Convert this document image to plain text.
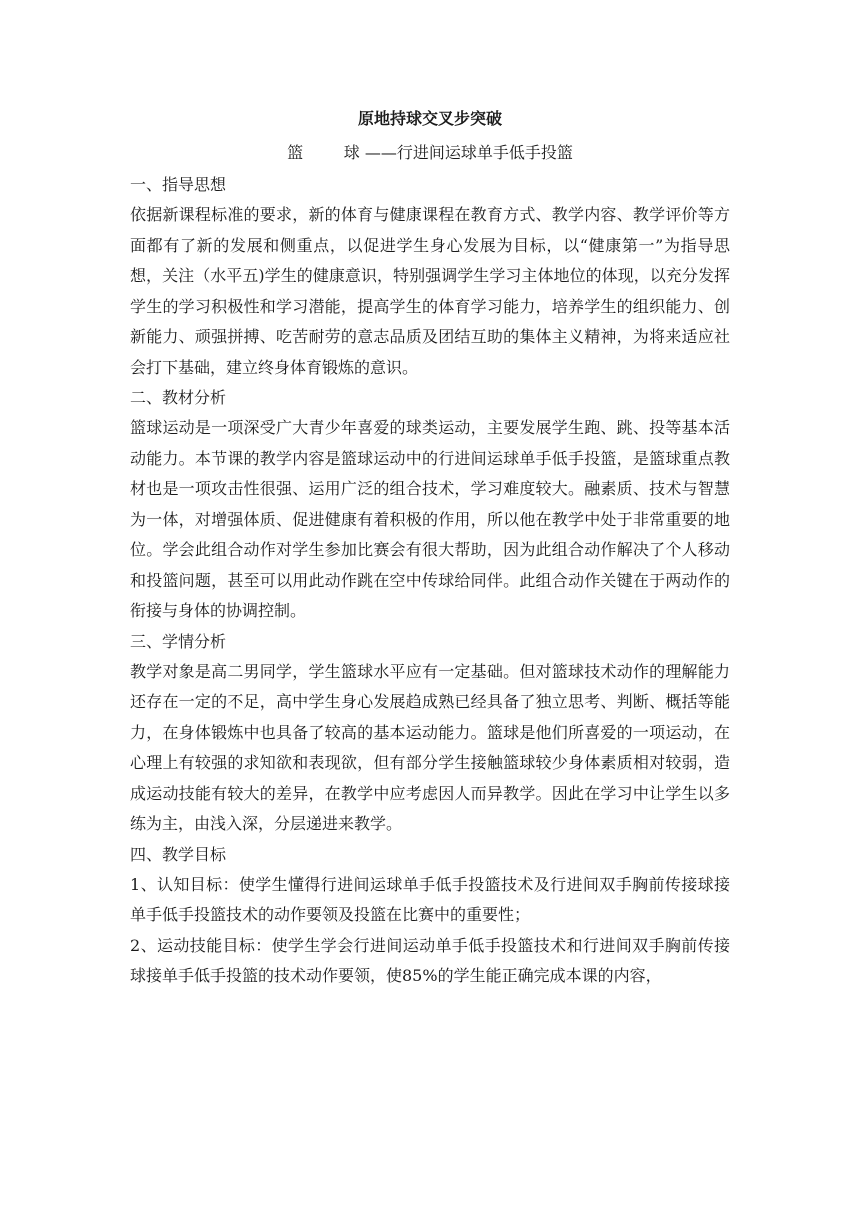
原地持球交叉步突破
篮        球 ——行进间运球单手低手投篮
一、指导思想

依据新课程标准的要求，新的体育与健康课程在教育方式、教学内容、教学评价等方面都有了新的发展和侧重点，以促进学生身心发展为目标，以“健康第一”为指导思想，关注（水平五)学生的健康意识，特别强调学生学习主体地位的体现，以充分发挥学生的学习积极性和学习潜能，提高学生的体育学习能力，培养学生的组织能力、创新能力、顽强拼搏、吃苦耐劳的意志品质及团结互助的集体主义精神，为将来适应社会打下基础，建立终身体育锻炼的意识。

二、教材分析

篮球运动是一项深受广大青少年喜爱的球类运动，主要发展学生跑、跳、投等基本活动能力。本节课的教学内容是篮球运动中的行进间运球单手低手投篮，是篮球重点教材也是一项攻击性很强、运用广泛的组合技术，学习难度较大。融素质、技术与智慧为一体，对增强体质、促进健康有着积极的作用，所以他在教学中处于非常重要的地位。学会此组合动作对学生参加比赛会有很大帮助，因为此组合动作解决了个人移动和投篮问题，甚至可以用此动作跳在空中传球给同伴。此组合动作关键在于两动作的衔接与身体的协调控制。

三、学情分析

教学对象是高二男同学，学生篮球水平应有一定基础。但对篮球技术动作的理解能力还存在一定的不足，高中学生身心发展趋成熟已经具备了独立思考、判断、概括等能力，在身体锻炼中也具备了较高的基本运动能力。篮球是他们所喜爱的一项运动，在心理上有较强的求知欲和表现欲，但有部分学生接触篮球较少身体素质相对较弱，造成运动技能有较大的差异，在教学中应考虑因人而异教学。因此在学习中让学生以多练为主，由浅入深，分层递进来教学。

四、教学目标

1、认知目标：使学生懂得行进间运球单手低手投篮技术及行进间双手胸前传接球接单手低手投篮技术的动作要领及投篮在比赛中的重要性；

2、运动技能目标：使学生学会行进间运动单手低手投篮技术和行进间双手胸前传接球接单手低手投篮的技术动作要领，使85%的学生能正确完成本课的内容，
